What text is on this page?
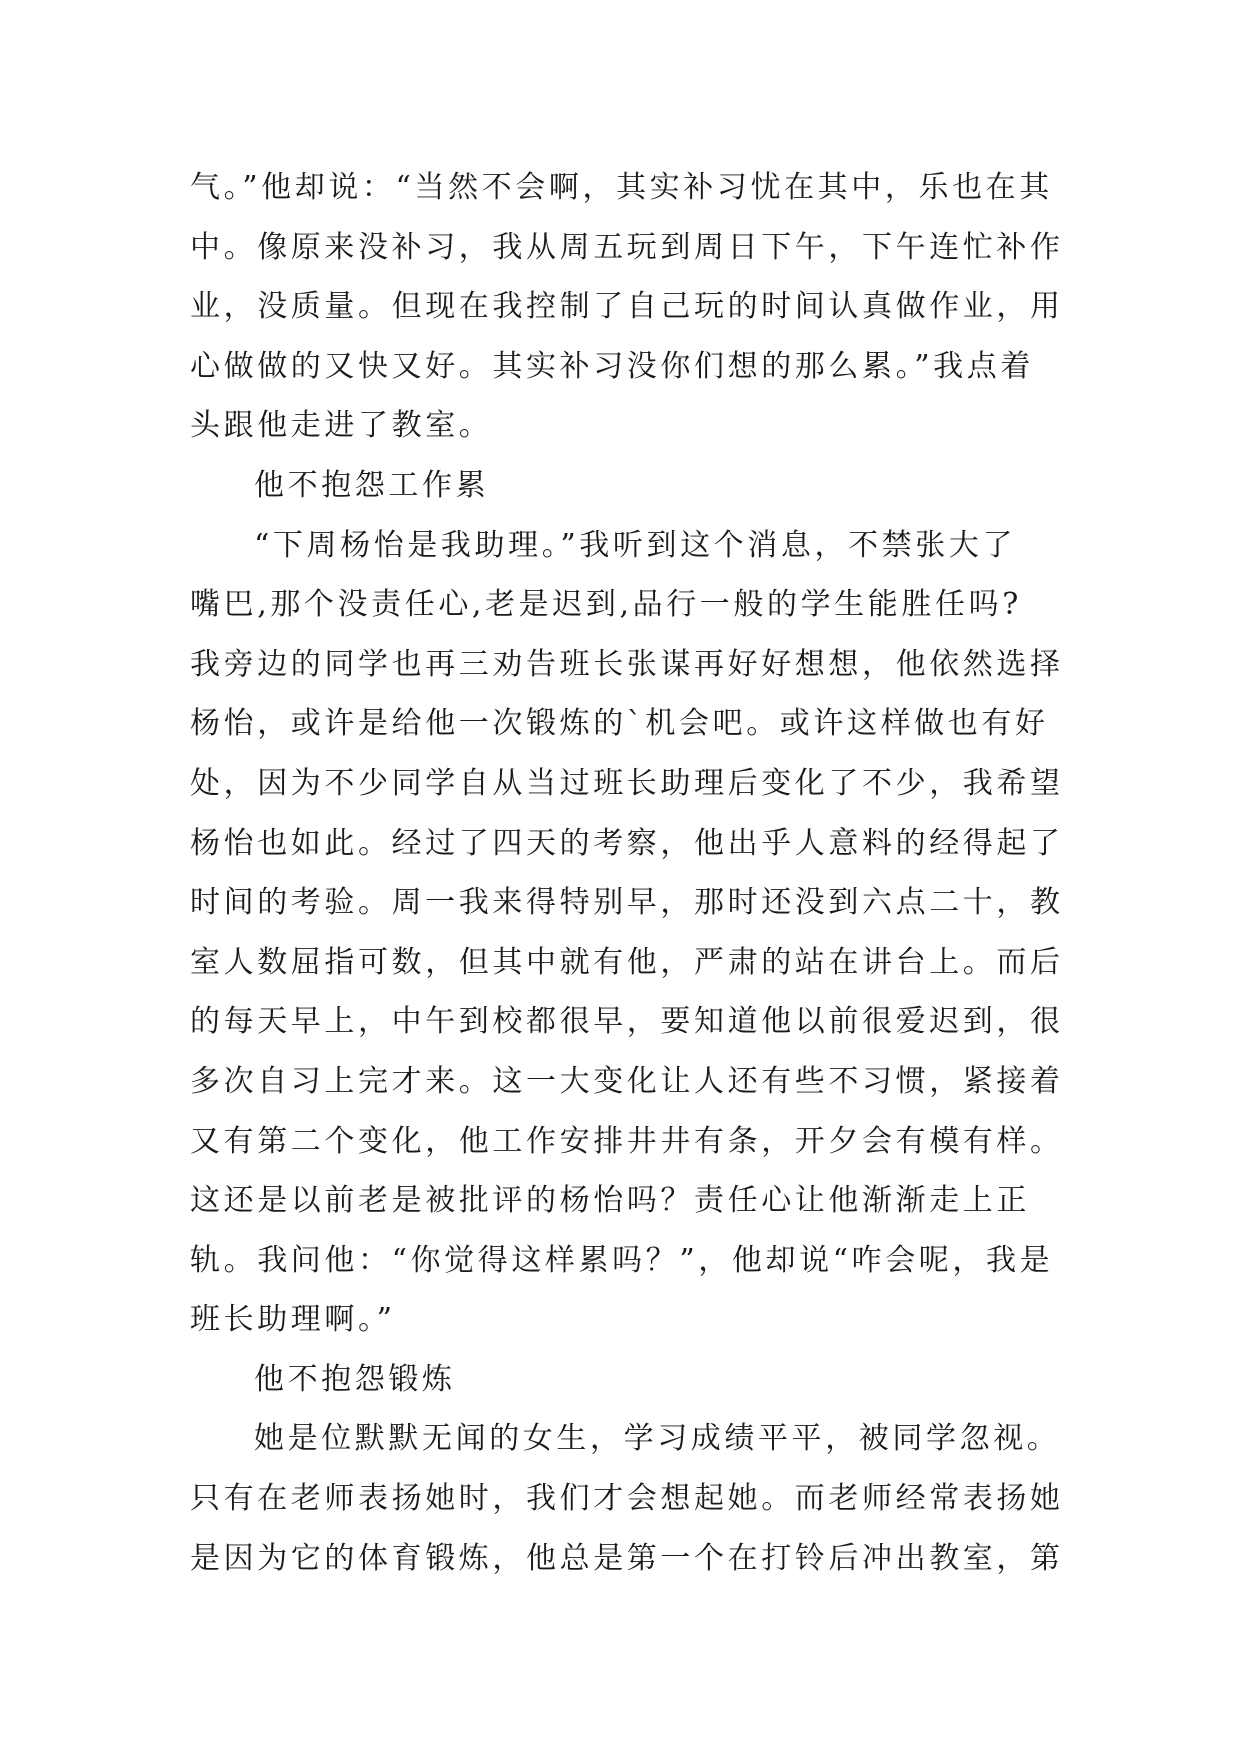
气。”他却说：“当然不会啊，其实补习忧在其中，乐也在其
中。像原来没补习，我从周五玩到周日下午，下午连忙补作
业，没质量。但现在我控制了自己玩的时间认真做作业，用
心做做的又快又好。其实补习没你们想的那么累。”我点着
头跟他走进了教室。
他不抱怨工作累
“下周杨怡是我助理。”我听到这个消息，不禁张大了
嘴巴,那个没责任心,老是迟到,品行一般的学生能胜任吗?
我旁边的同学也再三劝告班长张谋再好好想想，他依然选择
杨怡，或许是给他一次锻炼的`机会吧。或许这样做也有好
处，因为不少同学自从当过班长助理后变化了不少，我希望
杨怡也如此。经过了四天的考察，他出乎人意料的经得起了
时间的考验。周一我来得特别早，那时还没到六点二十，教
室人数屈指可数，但其中就有他，严肃的站在讲台上。而后
的每天早上，中午到校都很早，要知道他以前很爱迟到，很
多次自习上完才来。这一大变化让人还有些不习惯，紧接着
又有第二个变化，他工作安排井井有条，开夕会有模有样。
这还是以前老是被批评的杨怡吗？责任心让他渐渐走上正
轨。我问他：“你觉得这样累吗？”，他却说“咋会呢，我是
班长助理啊。”
他不抱怨锻炼
她是位默默无闻的女生，学习成绩平平，被同学忽视。
只有在老师表扬她时，我们才会想起她。而老师经常表扬她
是因为它的体育锻炼，他总是第一个在打铃后冲出教室，第
